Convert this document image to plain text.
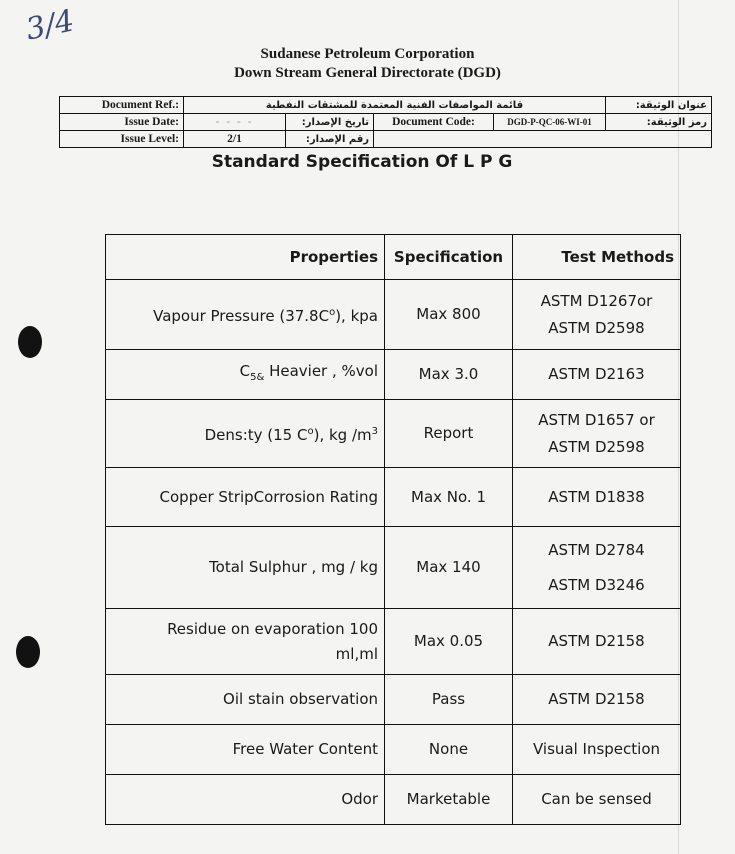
3/4
Sudanese Petroleum Corporation
Down Stream General Directorate (DGD)
Document Ref.:	قائمة المواصفات الفنية المعتمدة للمشتقات النفطية				عنوان الوثيقة:
Issue Date:	- - - -	تاريخ الإصدار:	Document Code:	DGD-P-QC-06-WI-01	رمز الوثيقة:
Issue Level:	2/1	رقم الإصدار:			
Standard Specification Of L P G
Properties	Specification	Test Methods
Vapour Pressure $(37.8C^o)$, kpa	Max 800	ASTM D1267or
ASTM D2598

$C_{5\&}$ Heavier , %vol	Max 3.0	ASTM D2163
Dens:ty (15 $C^o$), kg $/m^3$	Report	ASTM D1657 or
ASTM D2598

Copper StripCorrosion Rating	Max No. 1	ASTM D1838
Total Sulphur , mg / kg	Max 140	ASTM D2784
ASTM D3246

Residue on evaporation 100
ml,ml	Max 0.05	ASTM D2158
Oil stain observation	Pass	ASTM D2158
Free Water Content	None	Visual Inspection
Odor	Marketable	Can be sensed
